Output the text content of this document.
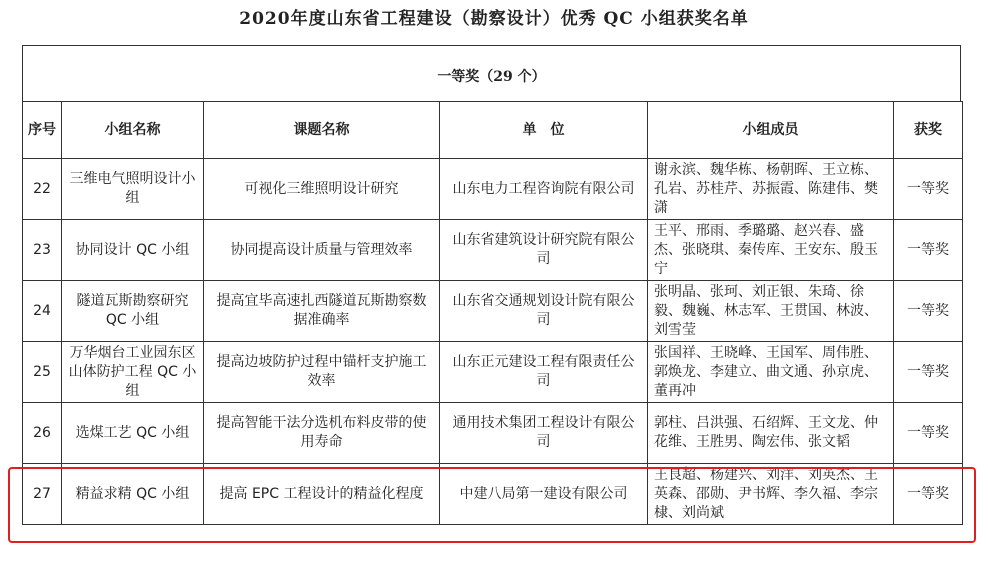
2020年度山东省工程建设（勘察设计）优秀 QC 小组获奖名单
一等奖（29 个）
序号	小组名称	课题名称	单　位	小组成员	获奖
22	三维电气照明设计小组	可视化三维照明设计研究	山东电力工程咨询院有限公司	谢永滨、魏华栋、杨朝晖、王立栋、孔岩、苏桂芹、苏振霞、陈建伟、樊潇	一等奖
23	协同设计 QC 小组	协同提高设计质量与管理效率	山东省建筑设计研究院有限公司	王平、邢雨、季璐璐、赵兴春、盛杰、张晓琪、秦传库、王安东、殷玉宁	一等奖
24	隧道瓦斯勘察研究 QC 小组	提高宜毕高速扎西隧道瓦斯勘察数据准确率	山东省交通规划设计院有限公司	张明晶、张珂、刘正银、朱琦、徐毅、魏巍、林志军、王贯国、林波、刘雪莹	一等奖
25	万华烟台工业园东区山体防护工程 QC 小组	提高边坡防护过程中锚杆支护施工效率	山东正元建设工程有限责任公司	张国祥、王晓峰、王国军、周伟胜、郭焕龙、李建立、曲文通、孙京虎、董再冲	一等奖
26	选煤工艺 QC 小组	提高智能干法分选机布料皮带的使用寿命	通用技术集团工程设计有限公司	郭柱、吕洪强、石绍辉、王文龙、仲花维、王胜男、陶宏伟、张文韬	一等奖
27	精益求精 QC 小组	提高 EPC 工程设计的精益化程度	中建八局第一建设有限公司	王良超、杨建兴、刘洋、刘英杰、王英森、邵勋、尹书辉、李久福、李宗棣、刘尚斌	一等奖
